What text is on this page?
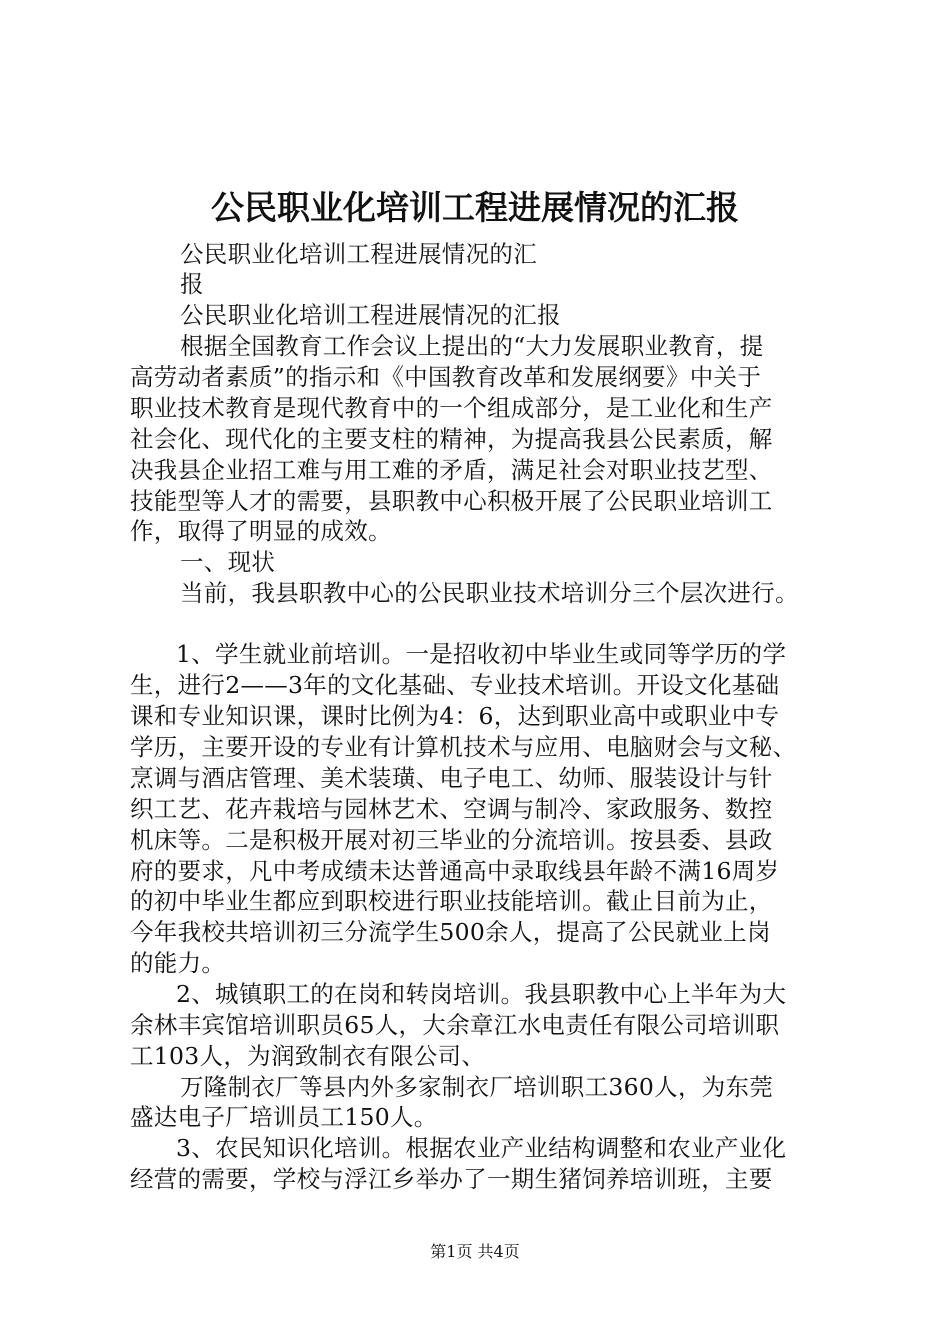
公民职业化培训工程进展情况的汇报
公民职业化培训工程进展情况的汇
报
公民职业化培训工程进展情况的汇报
根据全国教育工作会议上提出的“大力发展职业教育，提
高劳动者素质”的指示和《中国教育改革和发展纲要》中关于
职业技术教育是现代教育中的一个组成部分，是工业化和生产
社会化、现代化的主要支柱的精神，为提高我县公民素质，解
决我县企业招工难与用工难的矛盾，满足社会对职业技艺型、
技能型等人才的需要，县职教中心积极开展了公民职业培训工
作，取得了明显的成效。
一、现状
当前，我县职教中心的公民职业技术培训分三个层次进行。
1、学生就业前培训。一是招收初中毕业生或同等学历的学
生，进行2——3年的文化基础、专业技术培训。开设文化基础
课和专业知识课，课时比例为4：6，达到职业高中或职业中专
学历，主要开设的专业有计算机技术与应用、电脑财会与文秘、
烹调与酒店管理、美术装璜、电子电工、幼师、服装设计与针
织工艺、花卉栽培与园林艺术、空调与制冷、家政服务、数控
机床等。二是积极开展对初三毕业的分流培训。按县委、县政
府的要求，凡中考成绩未达普通高中录取线县年龄不满16周岁
的初中毕业生都应到职校进行职业技能培训。截止目前为止，
今年我校共培训初三分流学生500余人，提高了公民就业上岗
的能力。
2、城镇职工的在岗和转岗培训。我县职教中心上半年为大
余林丰宾馆培训职员65人，大余章江水电责任有限公司培训职
工103人，为润致制衣有限公司、
万隆制衣厂等县内外多家制衣厂培训职工360人，为东莞
盛达电子厂培训员工150人。
3、农民知识化培训。根据农业产业结构调整和农业产业化
经营的需要，学校与浮江乡举办了一期生猪饲养培训班，主要
第1页 共4页
